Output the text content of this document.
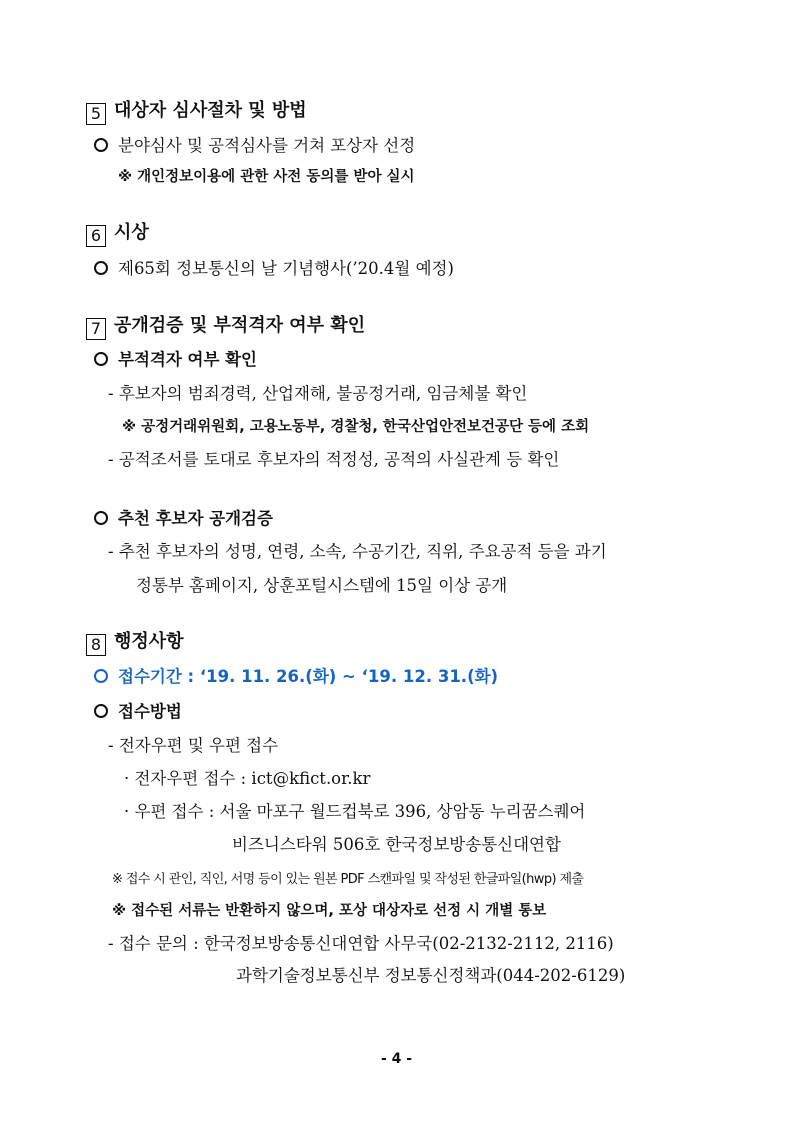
5 대상자 심사절차 및 방법
분야심사 및 공적심사를 거쳐 포상자 선정
※ 개인정보이용에 관한 사전 동의를 받아 실시
6 시상
제65회 정보통신의 날 기념행사(’20.4월 예정)
7 공개검증 및 부적격자 여부 확인
부적격자 여부 확인
- 후보자의 범죄경력, 산업재해, 불공정거래, 임금체불 확인
※ 공정거래위원회, 고용노동부, 경찰청, 한국산업안전보건공단 등에 조회
- 공적조서를 토대로 후보자의 적정성, 공적의 사실관계 등 확인
추천 후보자 공개검증
- 추천 후보자의 성명, 연령, 소속, 수공기간, 직위, 주요공적 등을 과기
정통부 홈페이지, 상훈포털시스템에 15일 이상 공개
8 행정사항
접수기간 : ‘19. 11. 26.(화) ~ ‘19. 12. 31.(화)
접수방법
- 전자우편 및 우편 접수
· 전자우편 접수 : ict@kfict.or.kr
· 우편 접수 : 서울 마포구 월드컵북로 396, 상암동 누리꿈스퀘어
비즈니스타워 506호 한국정보방송통신대연합
※ 접수 시 관인, 직인, 서명 등이 있는 원본 PDF 스캔파일 및 작성된 한글파일(hwp) 제출
※ 접수된 서류는 반환하지 않으며, 포상 대상자로 선정 시 개별 통보
- 접수 문의 : 한국정보방송통신대연합 사무국(02-2132-2112, 2116)
과학기술정보통신부 정보통신정책과(044-202-6129)
- 4 -
